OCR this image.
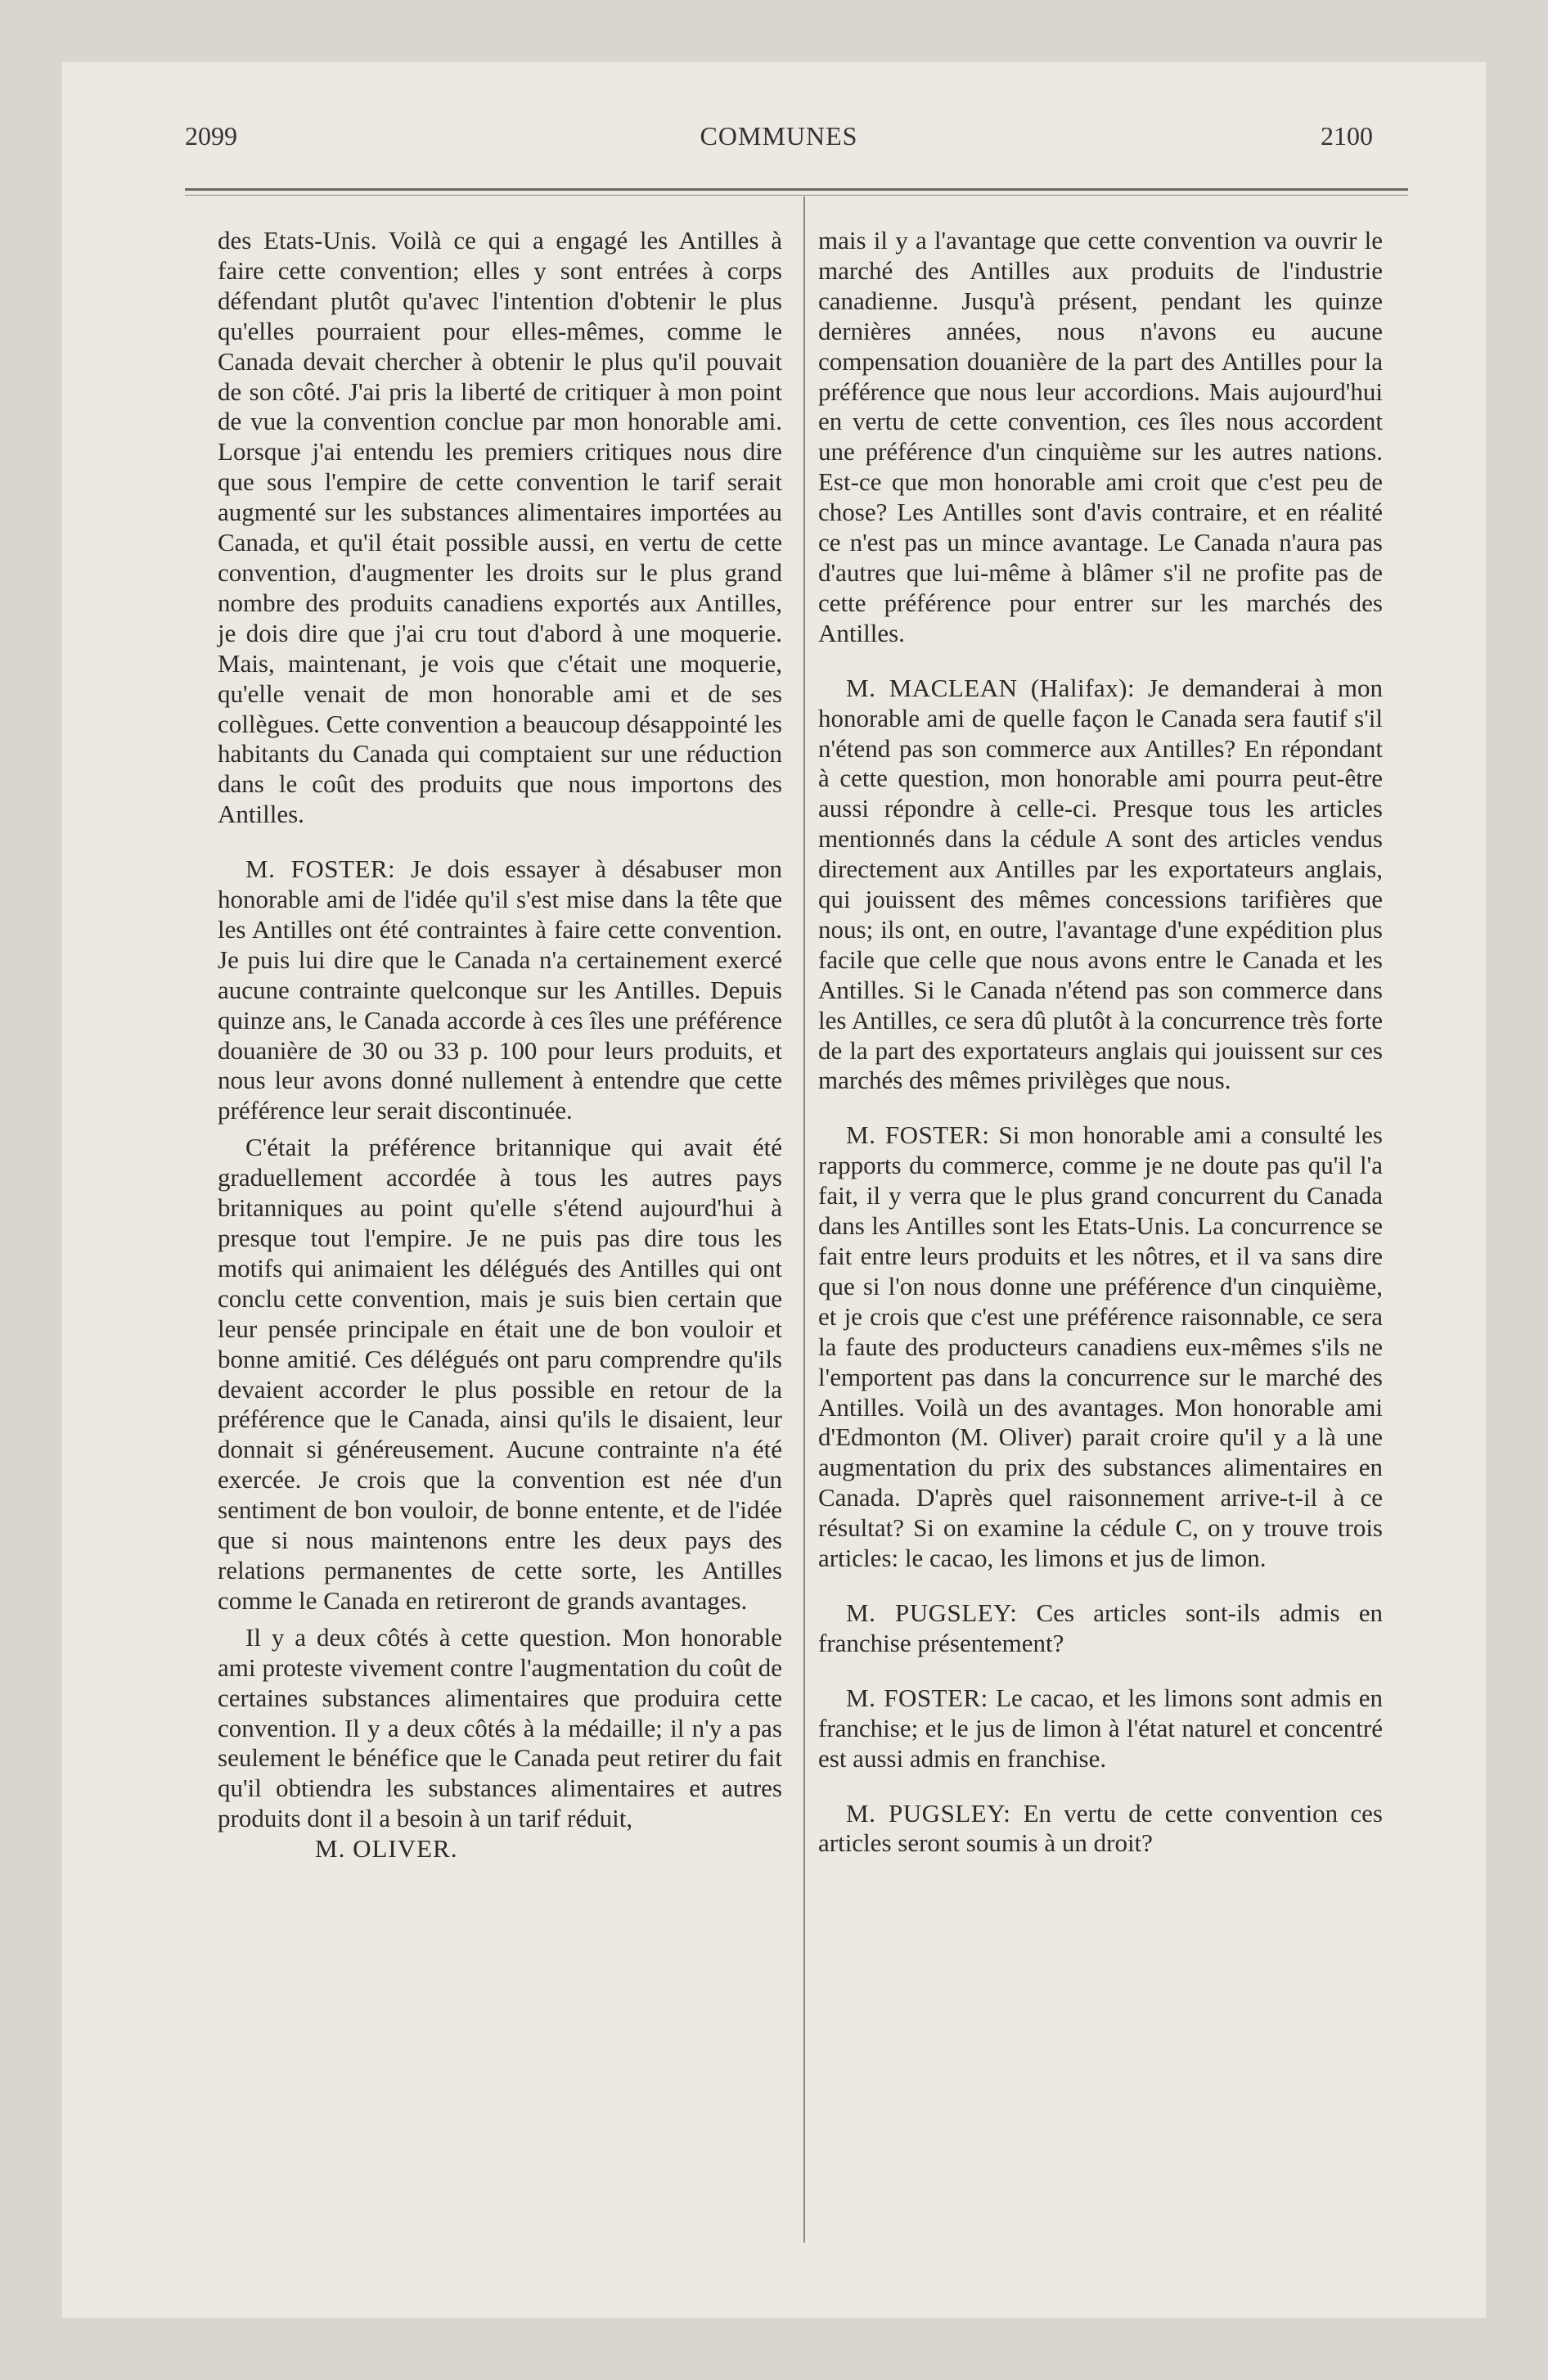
2099	COMMUNES	2100

des Etats-Unis. Voilà ce qui a engagé les Antilles à faire cette convention; elles y sont entrées à corps défendant plutôt qu'avec l'intention d'obtenir le plus qu'elles pourraient pour elles-mêmes, comme le Canada devait chercher à obtenir le plus qu'il pouvait de son côté. J'ai pris la liberté de critiquer à mon point de vue la convention conclue par mon honorable ami. Lorsque j'ai entendu les premiers critiques nous dire que sous l'empire de cette convention le tarif serait augmenté sur les substances alimentaires importées au Canada, et qu'il était possible aussi, en vertu de cette convention, d'augmenter les droits sur le plus grand nombre des produits canadiens exportés aux Antilles, je dois dire que j'ai cru tout d'abord à une moquerie. Mais, maintenant, je vois que c'était une moquerie, qu'elle venait de mon honorable ami et de ses collègues. Cette convention a beaucoup désappointé les habitants du Canada qui comptaient sur une réduction dans le coût des produits que nous importons des Antilles.

M. FOSTER: Je dois essayer à désabuser mon honorable ami de l'idée qu'il s'est mise dans la tête que les Antilles ont été contraintes à faire cette convention. Je puis lui dire que le Canada n'a certainement exercé aucune contrainte quelconque sur les Antilles. Depuis quinze ans, le Canada accorde à ces îles une préférence douanière de 30 ou 33 p. 100 pour leurs produits, et nous leur avons donné nullement à entendre que cette préférence leur serait discontinuée.

C'était la préférence britannique qui avait été graduellement accordée à tous les autres pays britanniques au point qu'elle s'étend aujourd'hui à presque tout l'empire. Je ne puis pas dire tous les motifs qui animaient les délégués des Antilles qui ont conclu cette convention, mais je suis bien certain que leur pensée principale en était une de bon vouloir et bonne amitié. Ces délégués ont paru comprendre qu'ils devaient accorder le plus possible en retour de la préférence que le Canada, ainsi qu'ils le disaient, leur donnait si généreusement. Aucune contrainte n'a été exercée. Je crois que la convention est née d'un sentiment de bon vouloir, de bonne entente, et de l'idée que si nous maintenons entre les deux pays des relations permanentes de cette sorte, les Antilles comme le Canada en retireront de grands avantages.

Il y a deux côtés à cette question. Mon honorable ami proteste vivement contre l'augmentation du coût de certaines substances alimentaires que produira cette convention. Il y a deux côtés à la médaille; il n'y a pas seulement le bénéfice que le Canada peut retirer du fait qu'il obtiendra les substances alimentaires et autres produits dont il a besoin à un tarif réduit,

M. OLIVER.

mais il y a l'avantage que cette convention va ouvrir le marché des Antilles aux produits de l'industrie canadienne. Jusqu'à présent, pendant les quinze dernières années, nous n'avons eu aucune compensation douanière de la part des Antilles pour la préférence que nous leur accordions. Mais aujourd'hui en vertu de cette convention, ces îles nous accordent une préférence d'un cinquième sur les autres nations. Est-ce que mon honorable ami croit que c'est peu de chose? Les Antilles sont d'avis contraire, et en réalité ce n'est pas un mince avantage. Le Canada n'aura pas d'autres que lui-même à blâmer s'il ne profite pas de cette préférence pour entrer sur les marchés des Antilles.

M. MACLEAN (Halifax): Je demanderai à mon honorable ami de quelle façon le Canada sera fautif s'il n'étend pas son commerce aux Antilles? En répondant à cette question, mon honorable ami pourra peut-être aussi répondre à celle-ci. Presque tous les articles mentionnés dans la cédule A sont des articles vendus directement aux Antilles par les exportateurs anglais, qui jouissent des mêmes concessions tarifières que nous; ils ont, en outre, l'avantage d'une expédition plus facile que celle que nous avons entre le Canada et les Antilles. Si le Canada n'étend pas son commerce dans les Antilles, ce sera dû plutôt à la concurrence très forte de la part des exportateurs anglais qui jouissent sur ces marchés des mêmes privilèges que nous.

M. FOSTER: Si mon honorable ami a consulté les rapports du commerce, comme je ne doute pas qu'il l'a fait, il y verra que le plus grand concurrent du Canada dans les Antilles sont les Etats-Unis. La concurrence se fait entre leurs produits et les nôtres, et il va sans dire que si l'on nous donne une préférence d'un cinquième, et je crois que c'est une préférence raisonnable, ce sera la faute des producteurs canadiens eux-mêmes s'ils ne l'emportent pas dans la concurrence sur le marché des Antilles. Voilà un des avantages. Mon honorable ami d'Edmonton (M. Oliver) parait croire qu'il y a là une augmentation du prix des substances alimentaires en Canada. D'après quel raisonnement arrive-t-il à ce résultat? Si on examine la cédule C, on y trouve trois articles: le cacao, les limons et jus de limon.

M. PUGSLEY: Ces articles sont-ils admis en franchise présentement?

M. FOSTER: Le cacao, et les limons sont admis en franchise; et le jus de limon à l'état naturel et concentré est aussi admis en franchise.

M. PUGSLEY: En vertu de cette convention ces articles seront soumis à un droit?
